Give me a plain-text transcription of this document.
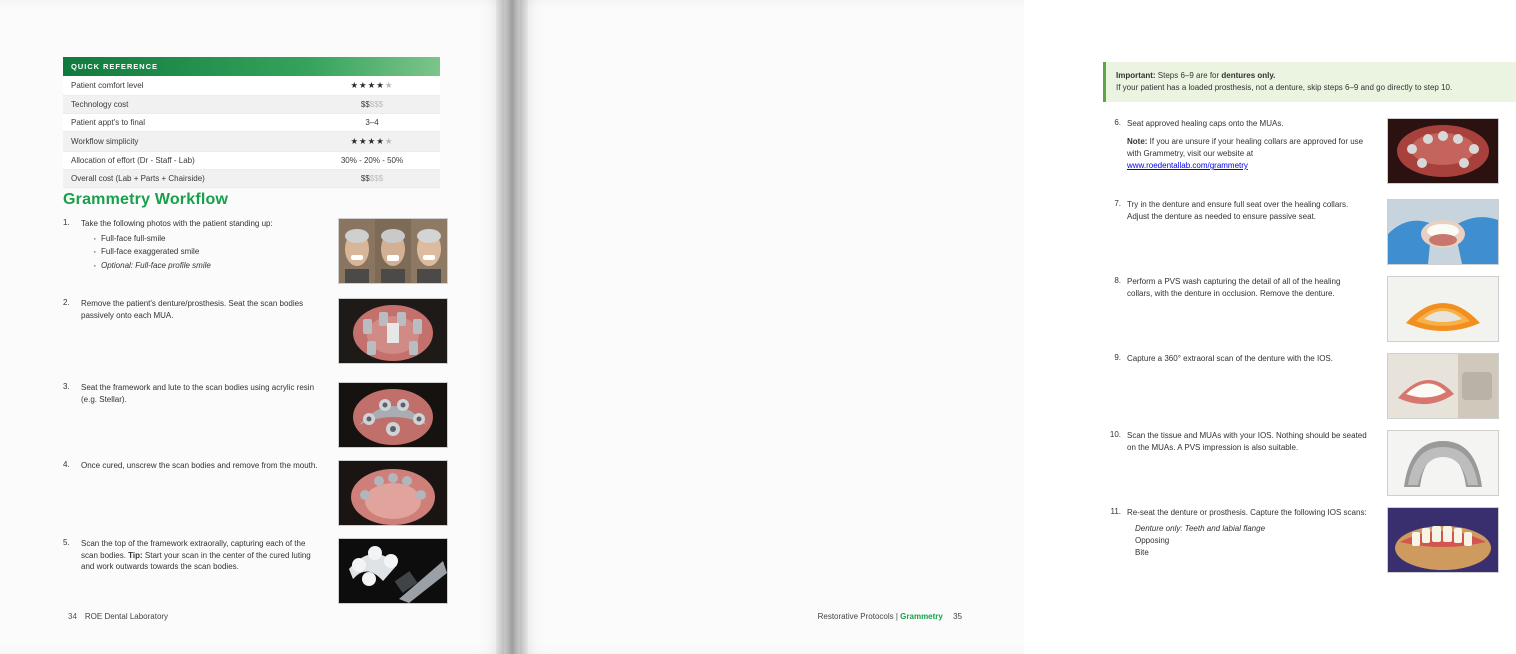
QUICK REFERENCE
Patient comfort level	★★★★★
Technology cost	$$$$$
Patient appt's to final	3–4
Workflow simplicity	★★★★★
Allocation of effort (Dr - Staff - Lab)	30% - 20% - 50%
Overall cost (Lab + Parts + Chairside)	$$$$$
Grammetry Workflow
1.	Take the following photos with the patient standing up:
· Full-face full-smile
· Full-face exaggerated smile
· Optional: Full-face profile smile
2.	Remove the patient's denture/prosthesis. Seat the scan bodies passively onto each MUA.
3.	Seat the framework and lute to the scan bodies using acrylic resin (e.g. Stellar).
4.	Once cured, unscrew the scan bodies and remove from the mouth.
5.	Scan the top of the framework extraorally, capturing each of the scan bodies. Tip: Start your scan in the center of the cured luting and work outwards towards the scan bodies.
34 ROE Dental Laboratory
Important: Steps 6–9 are for dentures only.
If your patient has a loaded prosthesis, not a denture, skip steps 6–9 and go directly to step 10.
6. Seat approved healing caps onto the MUAs.
Note: If you are unsure if your healing collars are approved for use with Grammetry, visit our website at
www.roedentallab.com/grammetry
7. Try in the denture and ensure full seat over the healing collars. Adjust the denture as needed to ensure passive seat.
8. Perform a PVS wash capturing the detail of all of the healing collars, with the denture in occlusion. Remove the denture.
9. Capture a 360° extraoral scan of the denture with the IOS.
10. Scan the tissue and MUAs with your IOS. Nothing should be seated on the MUAs. A PVS impression is also suitable.
11. Re-seat the denture or prosthesis. Capture the following IOS scans:
Denture only: Teeth and labial flange
Opposing
Bite
Restorative Protocols | Grammetry 35
